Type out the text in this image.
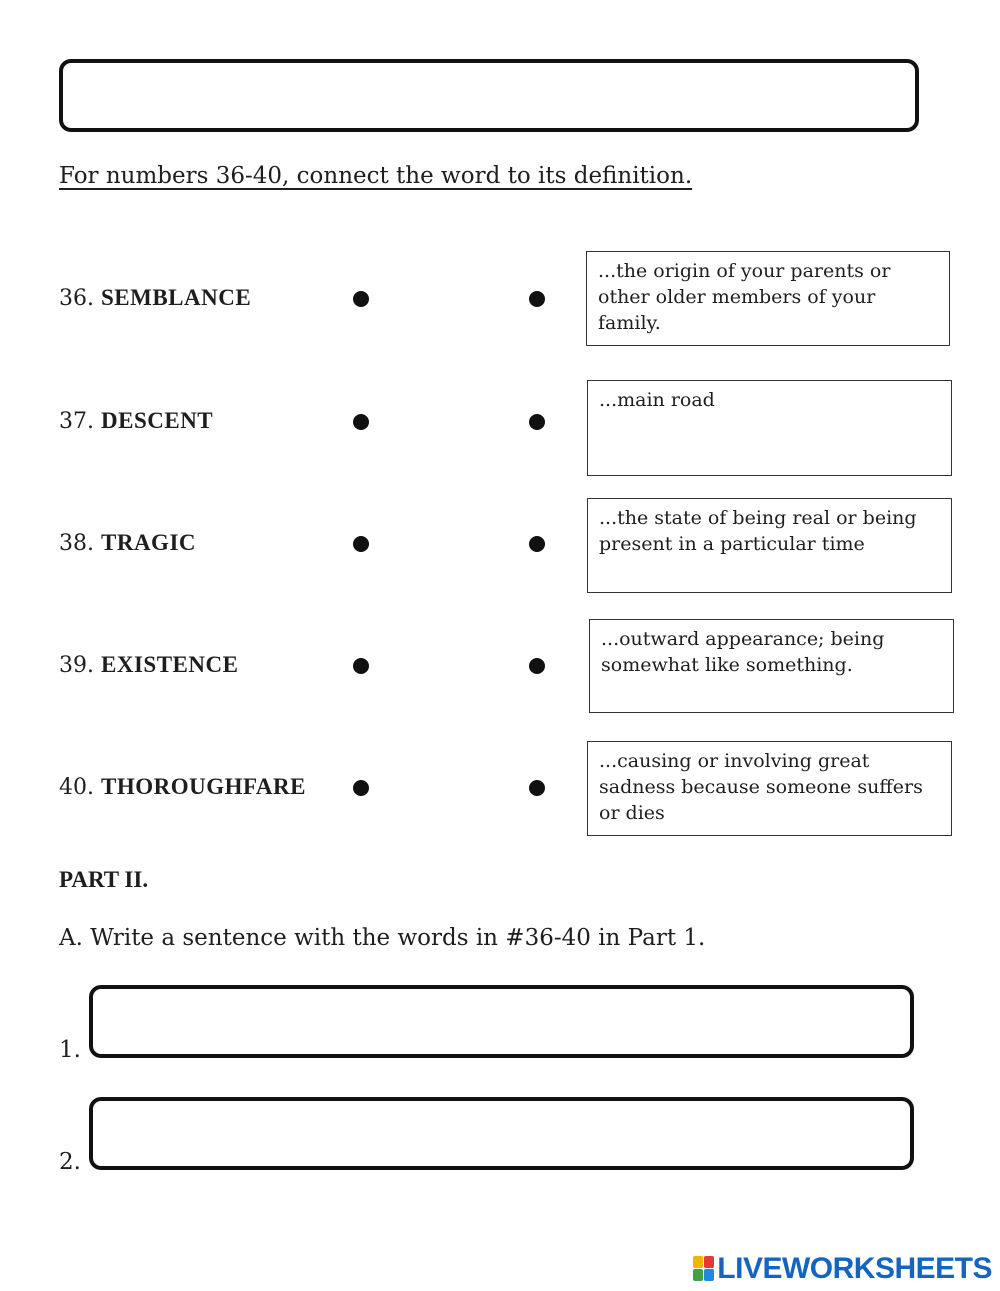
For numbers 36-40, connect the word to its definition.
36. SEMBLANCE
37. DESCENT
38. TRAGIC
39. EXISTENCE
40. THOROUGHFARE
...the origin of your parents or other older members of your family.
...main road
...the state of being real or being present in a particular time
...outward appearance; being somewhat like something.
...causing or involving great sadness because someone suffers or dies
PART II.
A. Write a sentence with the words in #36-40 in Part 1.
1.
2.
LIVEWORKSHEETS
